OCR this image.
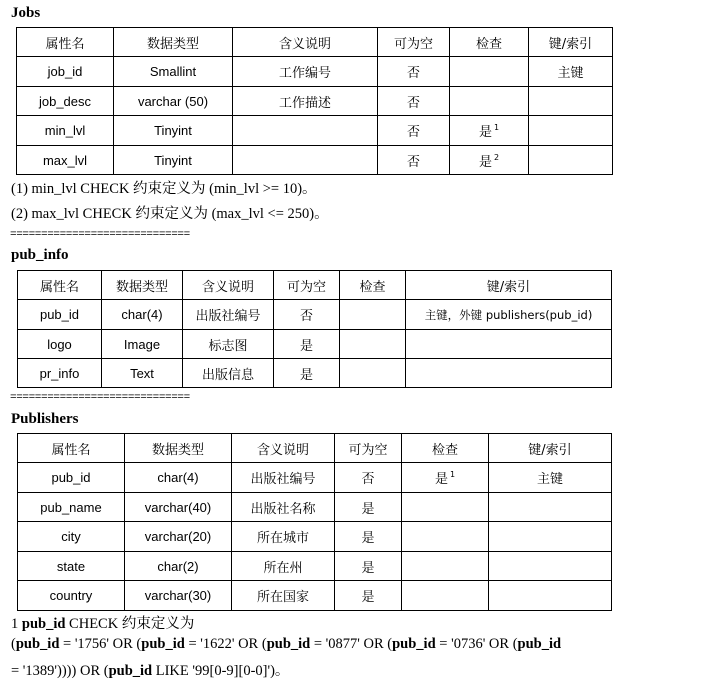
Jobs
属性名	数据类型	含义说明	可为空	检查	键/索引
job_id	Smallint	工作编号	否		主键
job_desc	varchar (50)	工作描述	否		
min_lvl	Tinyint		否	是 $^1$	
max_lvl	Tinyint		否	是 $^2$	
(1) min_lvl CHECK 约束定义为 (min_lvl >= 10)。
(2) max_lvl CHECK 约束定义为 (max_lvl <= 250)。
=============================
pub_info
属性名	数据类型	含义说明	可为空	检查	键/索引
pub_id	char(4)	出版社编号	否		主键，外键 publishers(pub_id)
logo	Image	标志图	是		
pr_info	Text	出版信息	是		
=============================
Publishers
属性名	数据类型	含义说明	可为空	检查	键/索引
pub_id	char(4)	出版社编号	否	是 $^1$	主键
pub_name	varchar(40)	出版社名称	是		
city	varchar(20)	所在城市	是		
state	char(2)	所在州	是		
country	varchar(30)	所在国家	是		
1 pub_id CHECK 约束定义为
(pub_id = '1756' OR (pub_id = '1622' OR (pub_id = '0877' OR (pub_id = '0736' OR (pub_id
= '1389')))) OR (pub_id LIKE '99[0-9][0-0]')。
